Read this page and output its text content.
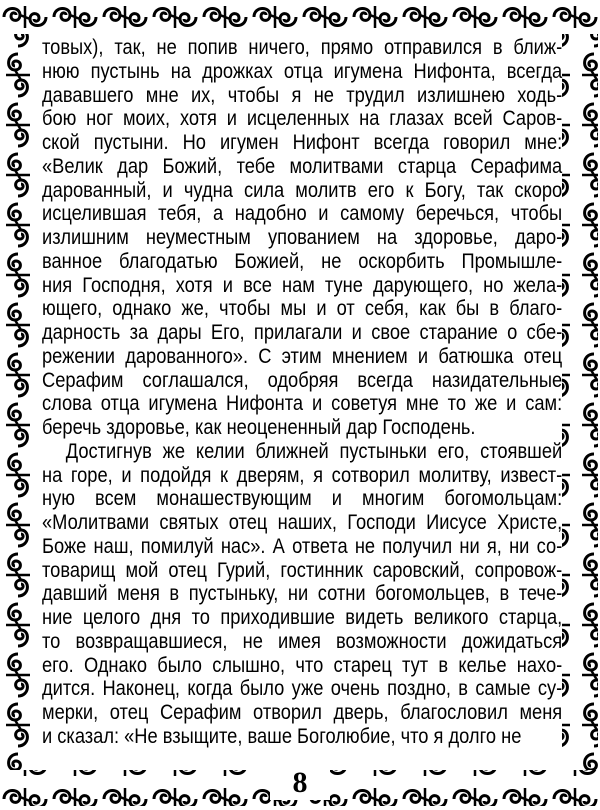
товых), так, не попив ничего, прямо отправился в ближ-
нюю пустынь на дрожках отца игумена Нифонта, всегда
дававшего мне их, чтобы я не трудил излишнею ходь-
бою ног моих, хотя и исцеленных на глазах всей Саров-
ской пустыни. Но игумен Нифонт всегда говорил мне:
«Велик дар Божий, тебе молитвами старца Серафима
дарованный, и чудна сила молитв его к Богу, так скоро
исцелившая тебя, а надобно и самому беречься, чтобы
излишним неуместным упованием на здоровье, даро-
ванное благодатью Божией, не оскорбить Промышле-
ния Господня, хотя и все нам туне дарующего, но жела-
ющего, однако же, чтобы мы и от себя, как бы в благо-
дарность за дары Его, прилагали и свое старание о сбе-
режении дарованного». С этим мнением и батюшка отец
Серафим соглашался, одобряя всегда назидательные
слова отца игумена Нифонта и советуя мне то же и сам:
беречь здоровье, как неоцененный дар Господень.
Достигнув же келии ближней пустыньки его, стоявшей
на горе, и подойдя к дверям, я сотворил молитву, извест-
ную всем монашествующим и многим богомольцам:
«Молитвами святых отец наших, Господи Иисусе Христе,
Боже наш, помилуй нас». А ответа не получил ни я, ни со-
товарищ мой отец Гурий, гостинник саровский, сопровож-
давший меня в пустыньку, ни сотни богомольцев, в тече-
ние целого дня то приходившие видеть великого старца,
то возвращавшиеся, не имея возможности дожидаться
его. Однако было слышно, что старец тут в келье нахо-
дится. Наконец, когда было уже очень поздно, в самые су-
мерки, отец Серафим отворил дверь, благословил меня
и сказал: «Не взыщите, ваше Боголюбие, что я долго не
8
